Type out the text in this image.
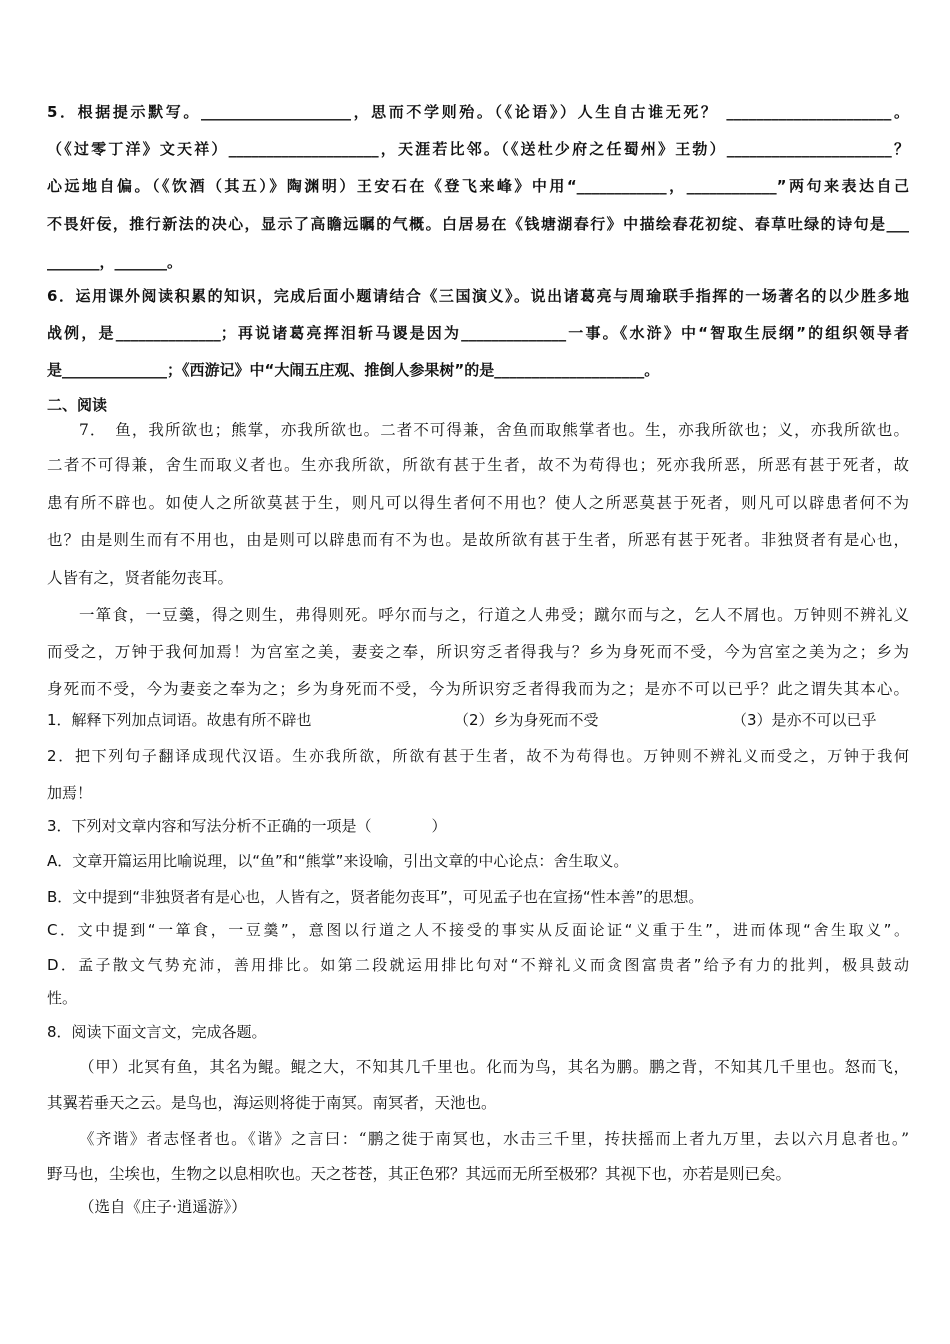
5．根据提示默写。____________________，思而不学则殆。（《论语》）人生自古谁无死？ ______________________。
（《过零丁洋》文天祥）____________________，天涯若比邻。（《送杜少府之任蜀州》王勃）______________________？
心远地自偏。（《饮酒（其五）》陶渊明）王安石在《登飞来峰》中用“____________，____________”两句来表达自己
不畏奸佞，推行新法的决心，显示了高瞻远瞩的气概。白居易在《钱塘湖春行》中描绘春花初绽、春草吐绿的诗句是___
_______，_______。
6．运用课外阅读积累的知识，完成后面小题请结合《三国演义》。说出诸葛亮与周瑜联手指挥的一场著名的以少胜多地
战例，是______________；再说诸葛亮挥泪斩马谡是因为______________一事。《水浒》中“智取生辰纲”的组织领导者
是______________；《西游记》中“大闹五庄观、推倒人参果树”的是____________________。
二、阅读
7．　鱼，我所欲也；熊掌，亦我所欲也。二者不可得兼，舍鱼而取熊掌者也。生，亦我所欲也；义，亦我所欲也。
二者不可得兼，舍生而取义者也。生亦我所欲，所欲有甚于生者，故不为苟得也；死亦我所恶，所恶有甚于死者，故
患有所不辟也。如使人之所欲莫甚于生，则凡可以得生者何不用也？使人之所恶莫甚于死者，则凡可以辟患者何不为
也？由是则生而有不用也，由是则可以辟患而有不为也。是故所欲有甚于生者，所恶有甚于死者。非独贤者有是心也，
人皆有之，贤者能勿丧耳。
一箪食，一豆羹，得之则生，弗得则死。呼尔而与之，行道之人弗受；蹴尔而与之，乞人不屑也。万钟则不辨礼义
而受之，万钟于我何加焉！为宫室之美，妻妾之奉，所识穷乏者得我与？乡为身死而不受，今为宫室之美为之；乡为
身死而不受，今为妻妾之奉为之；乡为身死而不受，今为所识穷乏者得我而为之；是亦不可以已乎？此之谓失其本心。
2．把下列句子翻译成现代汉语。生亦我所欲，所欲有甚于生者，故不为苟得也。万钟则不辨礼义而受之，万钟于我何
加焉！
3．下列对文章内容和写法分析不正确的一项是（　　　　）
A．文章开篇运用比喻说理，以“鱼”和“熊掌”来设喻，引出文章的中心论点：舍生取义。
B．文中提到“非独贤者有是心也，人皆有之，贤者能勿丧耳”，可见孟子也在宣扬“性本善”的思想。
C．文中提到“一箪食，一豆羹”，意图以行道之人不接受的事实从反面论证“义重于生”，进而体现“舍生取义”。
D．孟子散文气势充沛，善用排比。如第二段就运用排比句对“不辩礼义而贪图富贵者”给予有力的批判，极具鼓动
性。
8．阅读下面文言文，完成各题。
（甲）北冥有鱼，其名为鲲。鲲之大，不知其几千里也。化而为鸟，其名为鹏。鹏之背，不知其几千里也。怒而飞，
其翼若垂天之云。是鸟也，海运则将徙于南冥。南冥者，天池也。
《齐谐》者志怪者也。《谐》之言曰：“鹏之徙于南冥也，水击三千里，抟扶摇而上者九万里，去以六月息者也。”
野马也，尘埃也，生物之以息相吹也。天之苍苍，其正色邪？其远而无所至极邪？其视下也，亦若是则已矣。
（选自《庄子·逍遥游》）
1．解释下列加点词语。故患有所不辟也	（2）乡为身死而不受	（3）是亦不可以已乎
